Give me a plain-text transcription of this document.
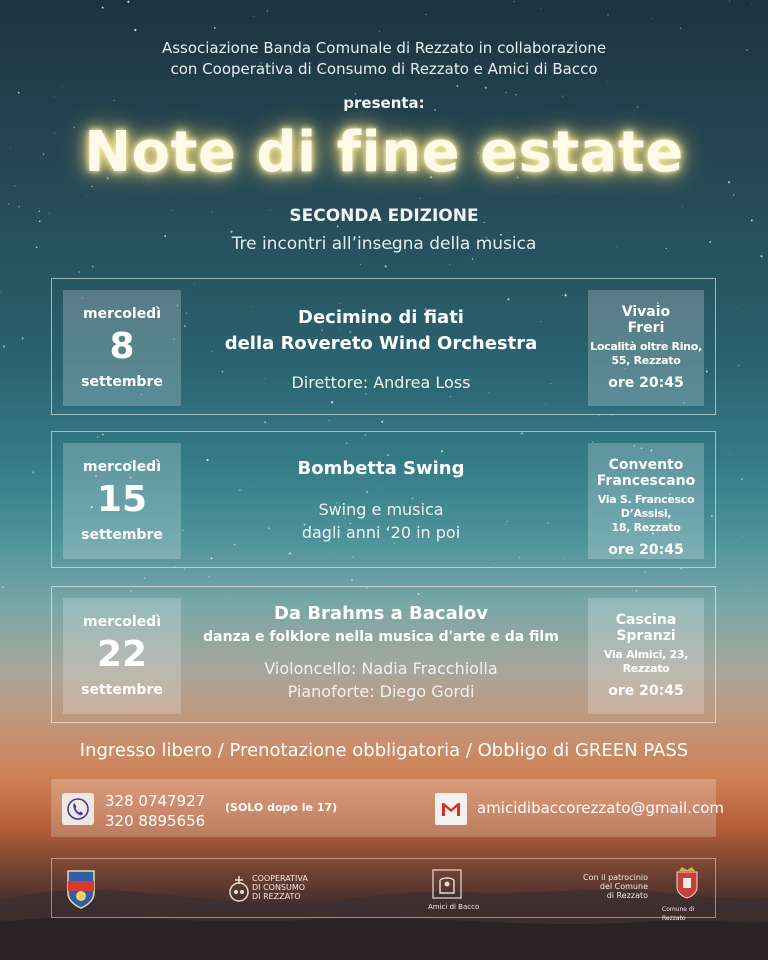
Associazione Banda Comunale di Rezzato in collaborazione
con Cooperativa di Consumo di Rezzato e Amici di Bacco
presenta:
Note di fine estate
SECONDA EDIZIONE
Tre incontri all’insegna della musica
mercoledì
8
settembre
Decimino di fiati
della Rovereto Wind Orchestra
Direttore: Andrea Loss
Vivaio
Freri
Località oltre Rino,
55, Rezzato
ore 20:45
mercoledì
15
settembre
Bombetta Swing
Swing e musica
dagli anni ‘20 in poi
Convento
Francescano
Via S. Francesco D’Assisi,
18, Rezzato
ore 20:45
mercoledì
22
settembre
Da Brahms a Bacalov
danza e folklore nella musica d'arte e da film
Violoncello: Nadia Fracchiolla
Pianoforte: Diego Gordi
Cascina
Spranzi
Via Almici, 23,
Rezzato
ore 20:45
Ingresso libero / Prenotazione obbligatoria / Obbligo di GREEN PASS
328 0747927
320 8895656
(SOLO dopo le 17)	amicidibaccorezzato@gmail.com
COOPERATIVA
DI CONSUMO
DI REZZATO
Amici di Bacco
Con il patrocinio
del Comune
di Rezzato
Comune di Rezzato
